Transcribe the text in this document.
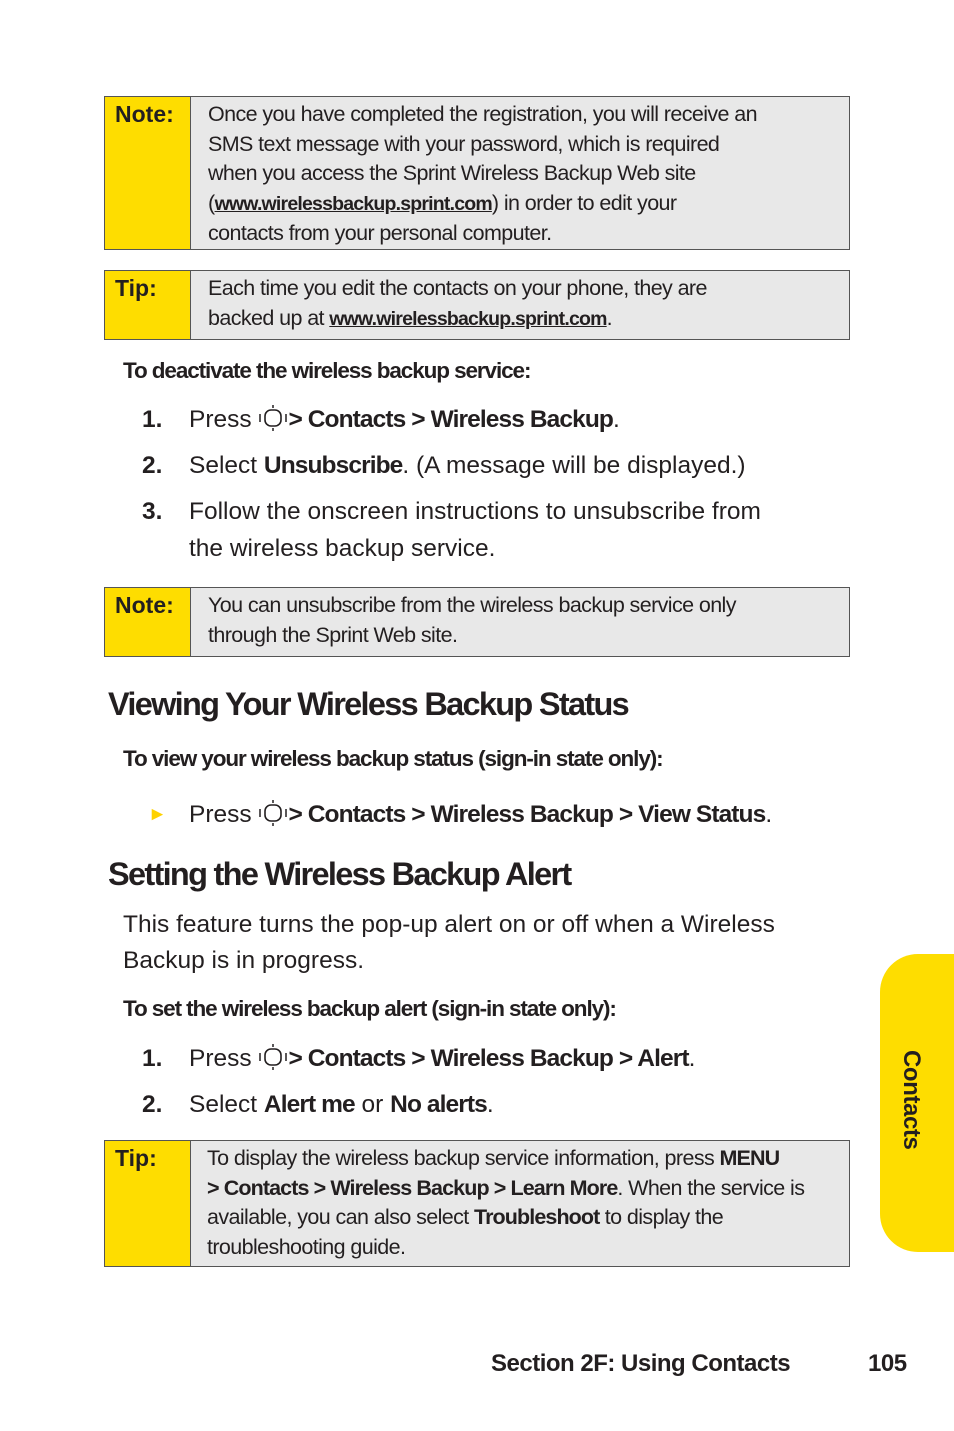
Note:	Once you have completed the registration, you will receive an
SMS text message with your password, which is required
when you access the Sprint Wireless Backup Web site
(www.wirelessbackup.sprint.com) in order to edit your
contacts from your personal computer.
Tip:	Each time you edit the contacts on your phone, they are
backed up at www.wirelessbackup.sprint.com.
To deactivate the wireless backup service:
1.	Press > Contacts > Wireless Backup.
2.	Select Unsubscribe. (A message will be displayed.)
3.	Follow the onscreen instructions to unsubscribe from
the wireless backup service.
Note:	You can unsubscribe from the wireless backup service only
through the Sprint Web site.
Viewing Your Wireless Backup Status
To view your wireless backup status (sign-in state only):
► Press > Contacts > Wireless Backup > View Status.
Setting the Wireless Backup Alert
This feature turns the pop-up alert on or off when a Wireless
Backup is in progress.
To set the wireless backup alert (sign-in state only):
1.	Press > Contacts > Wireless Backup > Alert.
2.	Select Alert me or No alerts.
Tip:	To display the wireless backup service information, press MENU
> Contacts > Wireless Backup > Learn More. When the service is
available, you can also select Troubleshoot to display the
troubleshooting guide.
Contacts
Section 2F: Using Contacts	105
